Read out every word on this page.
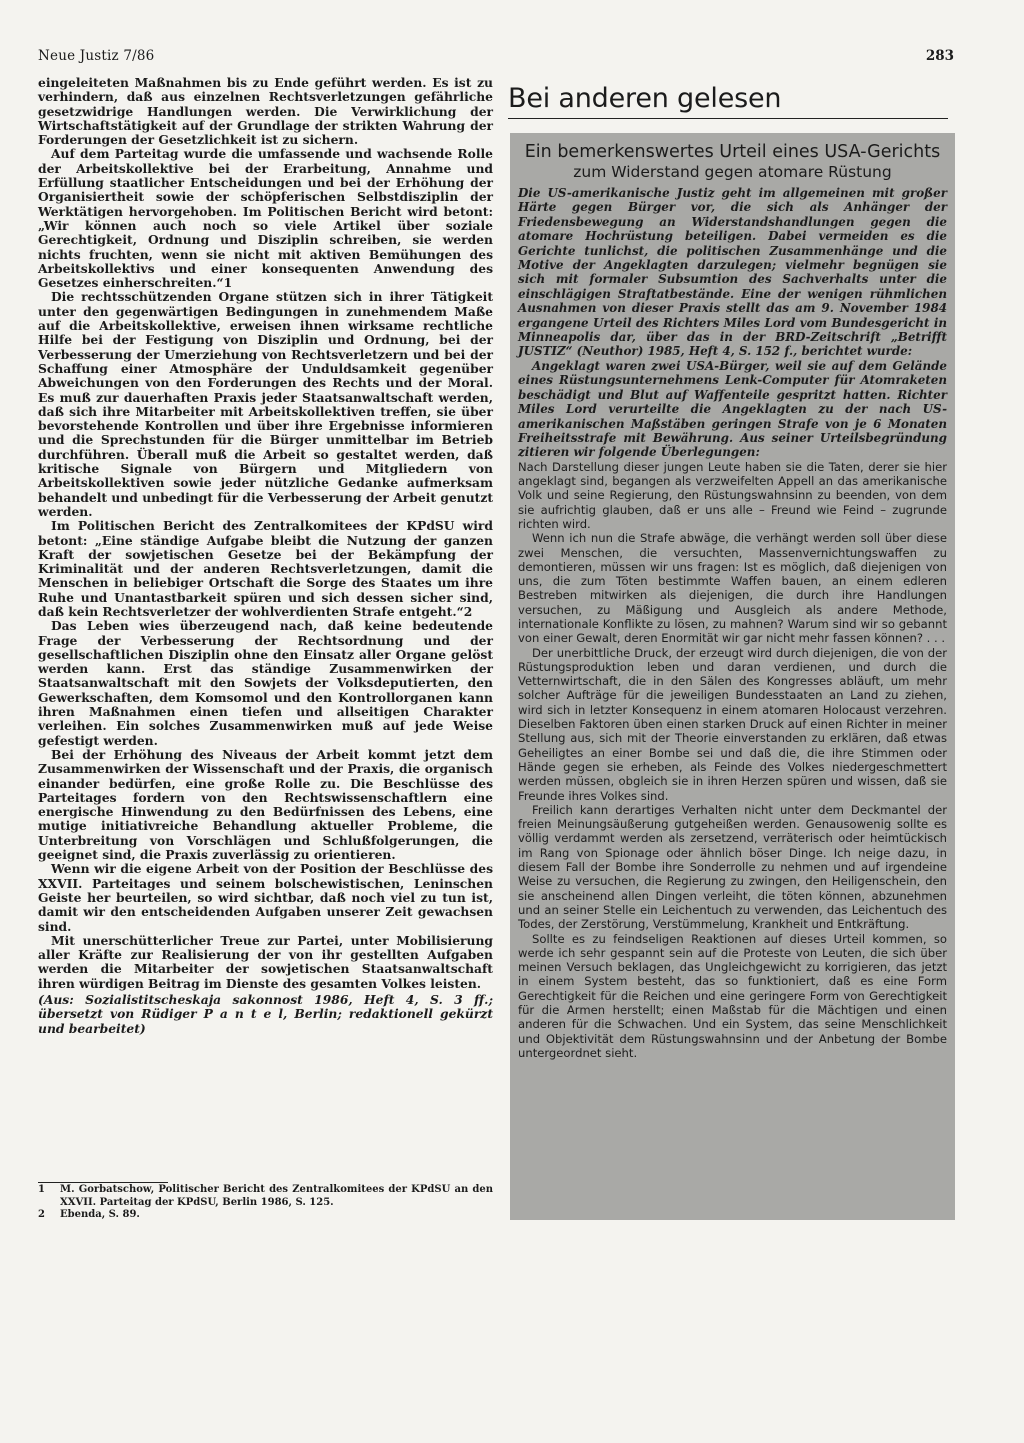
Neue Justiz 7/86	283

eingeleiteten Maßnahmen bis zu Ende geführt werden. Es ist zu verhindern, daß aus einzelnen Rechtsverletzungen gefährliche gesetzwidrige Handlungen werden. Die Verwirklichung der Wirtschaftstätigkeit auf der Grundlage der strikten Wahrung der Forderungen der Gesetzlichkeit ist zu sichern.

Auf dem Parteitag wurde die umfassende und wachsende Rolle der Arbeitskollektive bei der Erarbeitung, Annahme und Erfüllung staatlicher Entscheidungen und bei der Erhöhung der Organisiertheit sowie der schöpferischen Selbstdisziplin der Werktätigen hervorgehoben. Im Politischen Bericht wird betont: „Wir können auch noch so viele Artikel über soziale Gerechtigkeit, Ordnung und Disziplin schreiben, sie werden nichts fruchten, wenn sie nicht mit aktiven Bemühungen des Arbeitskollektivs und einer konsequenten Anwendung des Gesetzes einherschreiten.“1

Die rechtsschützenden Organe stützen sich in ihrer Tätigkeit unter den gegenwärtigen Bedingungen in zunehmendem Maße auf die Arbeitskollektive, erweisen ihnen wirksame rechtliche Hilfe bei der Festigung von Disziplin und Ordnung, bei der Verbesserung der Umerziehung von Rechtsverletzern und bei der Schaffung einer Atmosphäre der Unduldsamkeit gegenüber Abweichungen von den Forderungen des Rechts und der Moral. Es muß zur dauerhaften Praxis jeder Staatsanwaltschaft werden, daß sich ihre Mitarbeiter mit Arbeitskollektiven treffen, sie über bevorstehende Kontrollen und über ihre Ergebnisse informieren und die Sprechstunden für die Bürger unmittelbar im Betrieb durchführen. Überall muß die Arbeit so gestaltet werden, daß kritische Signale von Bürgern und Mitgliedern von Arbeitskollektiven sowie jeder nützliche Gedanke aufmerksam behandelt und unbedingt für die Verbesserung der Arbeit genutzt werden.

Im Politischen Bericht des Zentralkomitees der KPdSU wird betont: „Eine ständige Aufgabe bleibt die Nutzung der ganzen Kraft der sowjetischen Gesetze bei der Bekämpfung der Kriminalität und der anderen Rechtsverletzungen, damit die Menschen in beliebiger Ortschaft die Sorge des Staates um ihre Ruhe und Unantastbarkeit spüren und sich dessen sicher sind, daß kein Rechtsverletzer der wohlverdienten Strafe entgeht.“2

Das Leben wies überzeugend nach, daß keine bedeutende Frage der Verbesserung der Rechtsordnung und der gesellschaftlichen Disziplin ohne den Einsatz aller Organe gelöst werden kann. Erst das ständige Zusammenwirken der Staatsanwaltschaft mit den Sowjets der Volksdeputierten, den Gewerkschaften, dem Komsomol und den Kontrollorganen kann ihren Maßnahmen einen tiefen und allseitigen Charakter verleihen. Ein solches Zusammenwirken muß auf jede Weise gefestigt werden.

Bei der Erhöhung des Niveaus der Arbeit kommt jetzt dem Zusammenwirken der Wissenschaft und der Praxis, die organisch einander bedürfen, eine große Rolle zu. Die Beschlüsse des Parteitages fordern von den Rechtswissenschaftlern eine energische Hinwendung zu den Bedürfnissen des Lebens, eine mutige initiativreiche Behandlung aktueller Probleme, die Unterbreitung von Vorschlägen und Schlußfolgerungen, die geeignet sind, die Praxis zuverlässig zu orientieren.

Wenn wir die eigene Arbeit von der Position der Beschlüsse des XXVII. Parteitages und seinem bolschewistischen, Leninschen Geiste her beurteilen, so wird sichtbar, daß noch viel zu tun ist, damit wir den entscheidenden Aufgaben unserer Zeit gewachsen sind.

Mit unerschütterlicher Treue zur Partei, unter Mobilisierung aller Kräfte zur Realisierung der von ihr gestellten Aufgaben werden die Mitarbeiter der sowjetischen Staatsanwaltschaft ihren würdigen Beitrag im Dienste des gesamten Volkes leisten.

(Aus: Sozialistitscheskaja sakonnost 1986, Heft 4, S. 3 ff.; übersetzt von Rüdiger P a n t e l, Berlin; redaktionell gekürzt und bearbeitet)

1	M. Gorbatschow, Politischer Bericht des Zentralkomitees der KPdSU an den XXVII. Parteitag der KPdSU, Berlin 1986, S. 125.
2	Ebenda, S. 89.
Bei anderen gelesen
Ein bemerkenswertes Urteil eines USA-Gerichts
zum Widerstand gegen atomare Rüstung

Die US-amerikanische Justiz geht im allgemeinen mit großer Härte gegen Bürger vor, die sich als Anhänger der Friedensbewegung an Widerstandshandlungen gegen die atomare Hochrüstung beteiligen. Dabei vermeiden es die Gerichte tunlichst, die politischen Zusammenhänge und die Motive der Angeklagten darzulegen; vielmehr begnügen sie sich mit formaler Subsumtion des Sachverhalts unter die einschlägigen Straftatbestände. Eine der wenigen rühmlichen Ausnahmen von dieser Praxis stellt das am 9. November 1984 ergangene Urteil des Richters Miles Lord vom Bundesgericht in Minneapolis dar, über das in der BRD-Zeitschrift „Betrifft JUSTIZ“ (Neuthor) 1985, Heft 4, S. 152 f., berichtet wurde:

Angeklagt waren zwei USA-Bürger, weil sie auf dem Gelände eines Rüstungsunternehmens Lenk-Computer für Atomraketen beschädigt und Blut auf Waffenteile gespritzt hatten. Richter Miles Lord verurteilte die Angeklagten zu der nach US-amerikanischen Maßstäben geringen Strafe von je 6 Monaten Freiheitsstrafe mit Bewährung. Aus seiner Urteilsbegründung zitieren wir folgende Überlegungen:

Nach Darstellung dieser jungen Leute haben sie die Taten, derer sie hier angeklagt sind, begangen als verzweifelten Appell an das amerikanische Volk und seine Regierung, den Rüstungswahnsinn zu beenden, von dem sie aufrichtig glauben, daß er uns alle – Freund wie Feind – zugrunde richten wird.

Wenn ich nun die Strafe abwäge, die verhängt werden soll über diese zwei Menschen, die versuchten, Massenvernichtungswaffen zu demontieren, müssen wir uns fragen: Ist es möglich, daß diejenigen von uns, die zum Töten bestimmte Waffen bauen, an einem edleren Bestreben mitwirken als diejenigen, die durch ihre Handlungen versuchen, zu Mäßigung und Ausgleich als andere Methode, internationale Konflikte zu lösen, zu mahnen? Warum sind wir so gebannt von einer Gewalt, deren Enormität wir gar nicht mehr fassen können? . . .

Der unerbittliche Druck, der erzeugt wird durch diejenigen, die von der Rüstungsproduktion leben und daran verdienen, und durch die Vetternwirtschaft, die in den Sälen des Kongresses abläuft, um mehr solcher Aufträge für die jeweiligen Bundesstaaten an Land zu ziehen, wird sich in letzter Konsequenz in einem atomaren Holocaust verzehren. Dieselben Faktoren üben einen starken Druck auf einen Richter in meiner Stellung aus, sich mit der Theorie einverstanden zu erklären, daß etwas Geheiligtes an einer Bombe sei und daß die, die ihre Stimmen oder Hände gegen sie erheben, als Feinde des Volkes niedergeschmettert werden müssen, obgleich sie in ihren Herzen spüren und wissen, daß sie Freunde ihres Volkes sind.

Freilich kann derartiges Verhalten nicht unter dem Deckmantel der freien Meinungsäußerung gutgeheißen werden. Genausowenig sollte es völlig verdammt werden als zersetzend, verräterisch oder heimtückisch im Rang von Spionage oder ähnlich böser Dinge. Ich neige dazu, in diesem Fall der Bombe ihre Sonderrolle zu nehmen und auf irgendeine Weise zu versuchen, die Regierung zu zwingen, den Heiligenschein, den sie anscheinend allen Dingen verleiht, die töten können, abzunehmen und an seiner Stelle ein Leichentuch zu verwenden, das Leichentuch des Todes, der Zerstörung, Verstümmelung, Krankheit und Entkräftung.

Sollte es zu feindseligen Reaktionen auf dieses Urteil kommen, so werde ich sehr gespannt sein auf die Proteste von Leuten, die sich über meinen Versuch beklagen, das Ungleichgewicht zu korrigieren, das jetzt in einem System besteht, das so funktioniert, daß es eine Form Gerechtigkeit für die Reichen und eine geringere Form von Gerechtigkeit für die Armen herstellt; einen Maßstab für die Mächtigen und einen anderen für die Schwachen. Und ein System, das seine Menschlichkeit und Objektivität dem Rüstungswahnsinn und der Anbetung der Bombe untergeordnet sieht.
